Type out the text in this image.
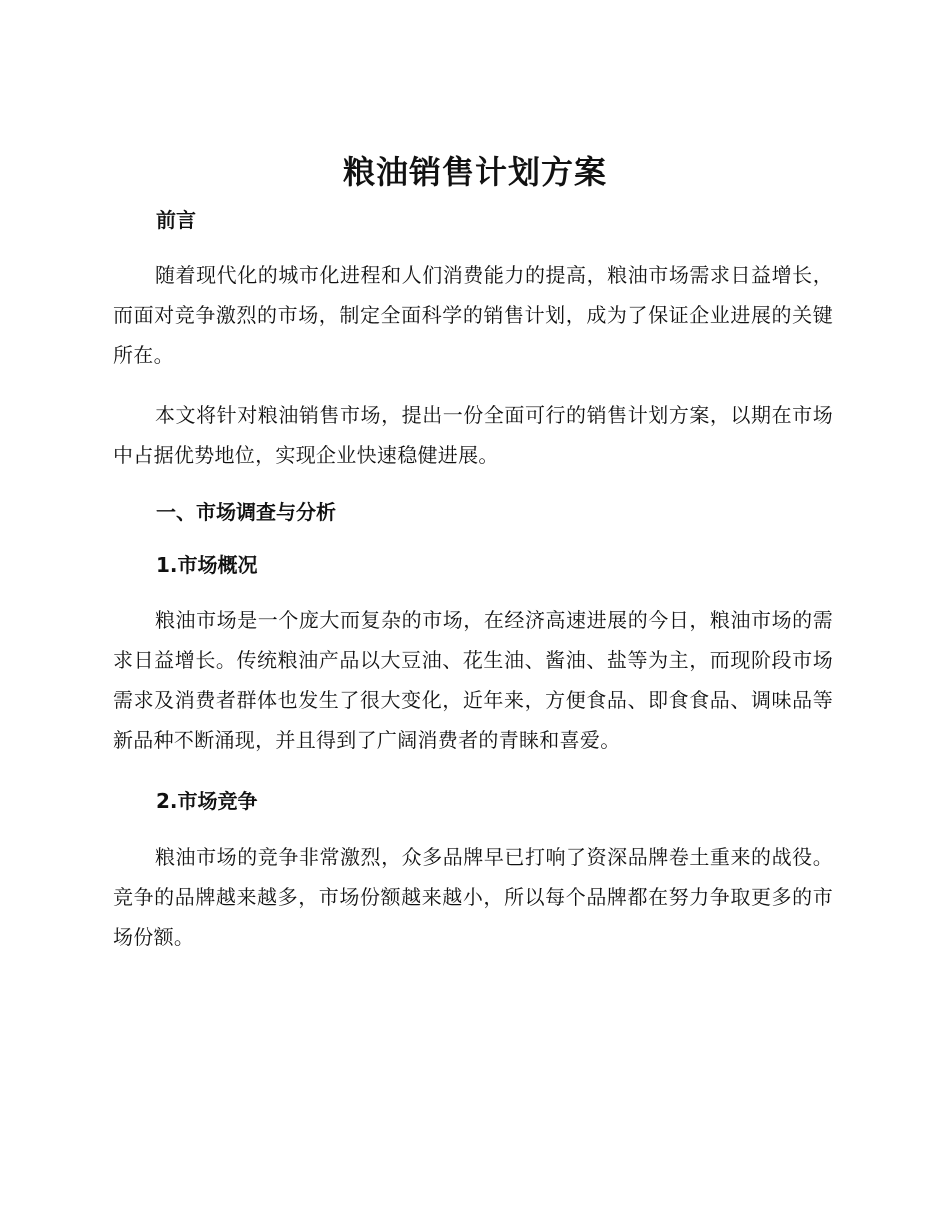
粮油销售计划方案
前言

随着现代化的城市化进程和人们消费能力的提高，粮油市场需求日益增长，而面对竞争激烈的市场，制定全面科学的销售计划，成为了保证企业进展的关键所在。

本文将针对粮油销售市场，提出一份全面可行的销售计划方案，以期在市场中占据优势地位，实现企业快速稳健进展。

一、市场调查与分析
1.市场概况

粮油市场是一个庞大而复杂的市场，在经济高速进展的今日，粮油市场的需求日益增长。传统粮油产品以大豆油、花生油、酱油、盐等为主，而现阶段市场需求及消费者群体也发生了很大变化，近年来，方便食品、即食食品、调味品等新品种不断涌现，并且得到了广阔消费者的青睐和喜爱。

2.市场竞争

粮油市场的竞争非常激烈，众多品牌早已打响了资深品牌卷土重来的战役。竞争的品牌越来越多，市场份额越来越小，所以每个品牌都在努力争取更多的市场份额。
